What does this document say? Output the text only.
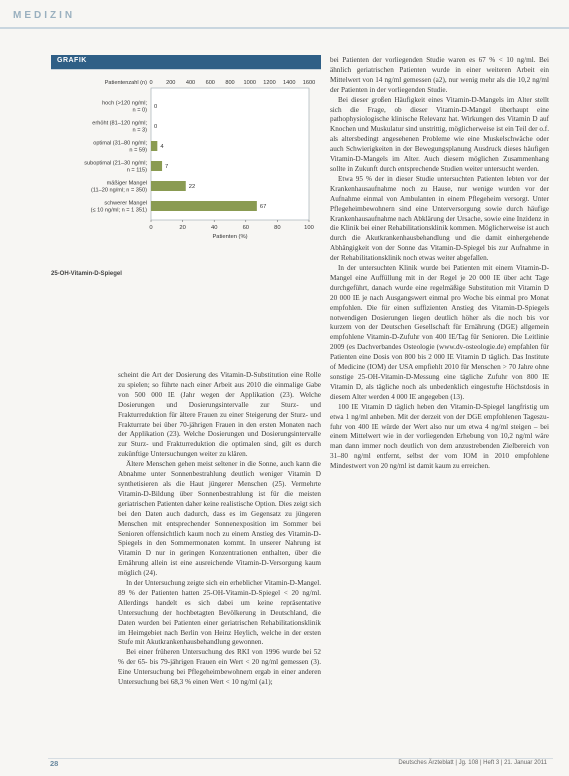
MEDIZIN
GRAFIK
Patientenzahl (n) 0 200 400 600 800 1000 1200 1400 1600
hoch (>120 ng/ml;
n = 0)
0
erhöht (81–120 ng/ml;
n = 3)
0
optimal (31–80 ng/ml;
n = 59)
4
suboptimal (21–30 ng/ml;
n = 115)
7
mäßiger Mangel
(11–20 ng/ml; n = 350)
22
schwerer Mangel
(≤ 10 ng/ml; n = 1 351)
67
0	20	40	60	80	100
Patienten (%)
25-OH-Vitamin-D-Spiegel

scheint die Art der Dosierung des Vitamin-D-Substitution eine Rolle zu spielen; so führte nach einer Arbeit aus 2010 die einmalige Gabe von 500 000 IE (Jahr wegen der Applikation (23). Welche Dosierungen und Dosierungsintervalle zur Sturz- und Frakturreduktion für ältere Frauen zu einer Steigerung der Sturz- und Frakturrate bei über 70-jährigen Frauen in den ersten Monaten nach der Applikation (23). Welche Dosierungen und Dosierungsintervalle zur Sturz- und Frakturreduktion die optimalen sind, gilt es durch zukünftige Untersuchungen weiter zu klären.

Ältere Menschen gehen meist seltener in die Sonne, auch kann die Abnahme unter Sonnenbestrahlung deutlich weniger Vitamin D synthetisieren als die Haut jüngerer Menschen (25). Vermehrte Vitamin-D-Bildung über Sonnenbestrahlung ist für die meisten geriatrischen Patienten daher keine realistische Option. Dies zeigt sich bei den Daten auch dadurch, dass es im Gegensatz zu jüngeren Menschen mit entsprechender Sonnenexposition im Sommer bei Senioren offensichtlich kaum noch zu einem Anstieg des Vitamin-D-Spiegels in den Sommermonaten kommt. In unserer Nahrung ist Vitamin D nur in geringen Konzentrationen enthalten, über die Ernährung allein ist eine ausreichende Vitamin-D-Versorgung kaum möglich (24).

In der Untersuchung zeigte sich ein erheblicher Vitamin-D-Mangel. 89 % der Patienten hatten 25-OH-Vitamin-D-Spiegel < 20 ng/ml. Allerdings handelt es sich dabei um keine repräsentative Untersuchung der hochbetagten Bevölkerung in Deutschland, die Daten wurden bei Patienten einer geriatrischen Rehabilitationsklinik im Heimgebiet nach Berlin von Heinz Heylich, welche in der ersten Stufe mit Akutkrankenhausbehandlung gewonnen.

Bei einer früheren Untersuchung des RKI von 1996 wurde bei 52 % der 65- bis 79-jährigen Frauen ein Wert < 20 ng/ml gemessen (3). Eine Untersuchung bei Pflegeheimbewohnern ergab in einer anderen Untersuchung bei 68,3 % einen Wert < 10 ng/ml (a1);

bei Patienten der vorliegenden Studie waren es 67 % < 10 ng/ml. Bei ähnlich geriatrischen Patienten wurde in einer weiteren Arbeit ein Mittelwert von 14 ng/ml gemessen (a2), nur wenig mehr als die 10,2 ng/ml der Patienten in der vorliegenden Studie.

Bei dieser großen Häufigkeit eines Vitamin-D-Mangels im Alter stellt sich die Frage, ob dieser Vitamin-D-Mangel überhaupt eine pathophysiologische klinische Relevanz hat. Wirkungen des Vitamin D auf Knochen und Muskulatur sind unstrittig, möglicherweise ist ein Teil der o.f. als altersbedingt angesehenen Probleme wie eine Muskelschwäche oder auch Schwierigkeiten in der Bewegungsplanung Ausdruck dieses häufigen Vitamin-D-Mangels im Alter. Auch diesem möglichen Zusammenhang sollte in Zukunft durch entsprechende Studien weiter untersucht werden.

Etwa 95 % der in dieser Studie untersuchten Patienten lebten vor der Krankenhausaufnahme noch zu Hause, nur wenige wurden vor der Aufnahme einmal von Ambulanten in einem Pflegeheim versorgt. Unter Pflegeheimbewohnern sind eine Unterversorgung sowie durch häufige Krankenhausaufnahme nach Abklärung der Ursache, sowie eine Inzidenz in die Klinik bei einer Rehabilitationsklinik kommen. Möglicherweise ist auch durch die Akutkrankenhausbehandlung und die damit einhergehende Abhängigkeit von der Sonne das Vitamin-D-Spiegel bis zur Aufnahme in der Rehabilitationsklinik noch etwas weiter abgefallen.

In der untersuchten Klinik wurde bei Patienten mit einem Vitamin-D-Mangel eine Auffüllung mit in der Regel je 20 000 IE über acht Tage durchgeführt, danach wurde eine regelmäßige Substitution mit Vitamin D 20 000 IE je nach Ausgangswert einmal pro Woche bis einmal pro Monat empfohlen. Die für einen suffizienten Anstieg des Vitamin-D-Spiegels notwendigen Dosierungen liegen deutlich höher als die noch bis vor kurzem von der Deutschen Gesellschaft für Ernährung (DGE) allgemein empfohlene Vitamin-D-Zufuhr von 400 IE/Tag für Senioren. Die Leitlinie 2009 (es Dachverbandes Osteologie (www.dv-osteologie.de) empfahlen für Patienten eine Dosis von 800 bis 2 000 IE Vitamin D täglich. Das Institute of Medicine (IOM) der USA empfiehlt 2010 für Menschen > 70 Jahre ohne sonstige 25-OH-Vitamin-D-Messung eine tägliche Zufuhr von 800 IE Vitamin D, als tägliche noch als unbedenklich eingestufte Höchstdosis in diesem Alter werden 4 000 IE angegeben (13).

100 IE Vitamin D täglich heben den Vitamin-D-Spiegel langfristig um etwa 1 ng/ml anheben. Mit der derzeit von der DGE empfohlenen Tageszufuhr von 400 IE würde der Wert also nur um etwa 4 ng/ml steigen – bei einem Mittelwert wie in der vorliegenden Erhebung von 10,2 ng/ml wäre man dann immer noch deutlich von dem anzustrebenden Zielbereich von 31–80 ng/ml entfernt, selbst der vom IOM in 2010 empfohlene Mindestwert von 20 ng/ml ist damit kaum zu erreichen.

28	Deutsches Ärzteblatt | Jg. 108 | Heft 3 | 21. Januar 2011
